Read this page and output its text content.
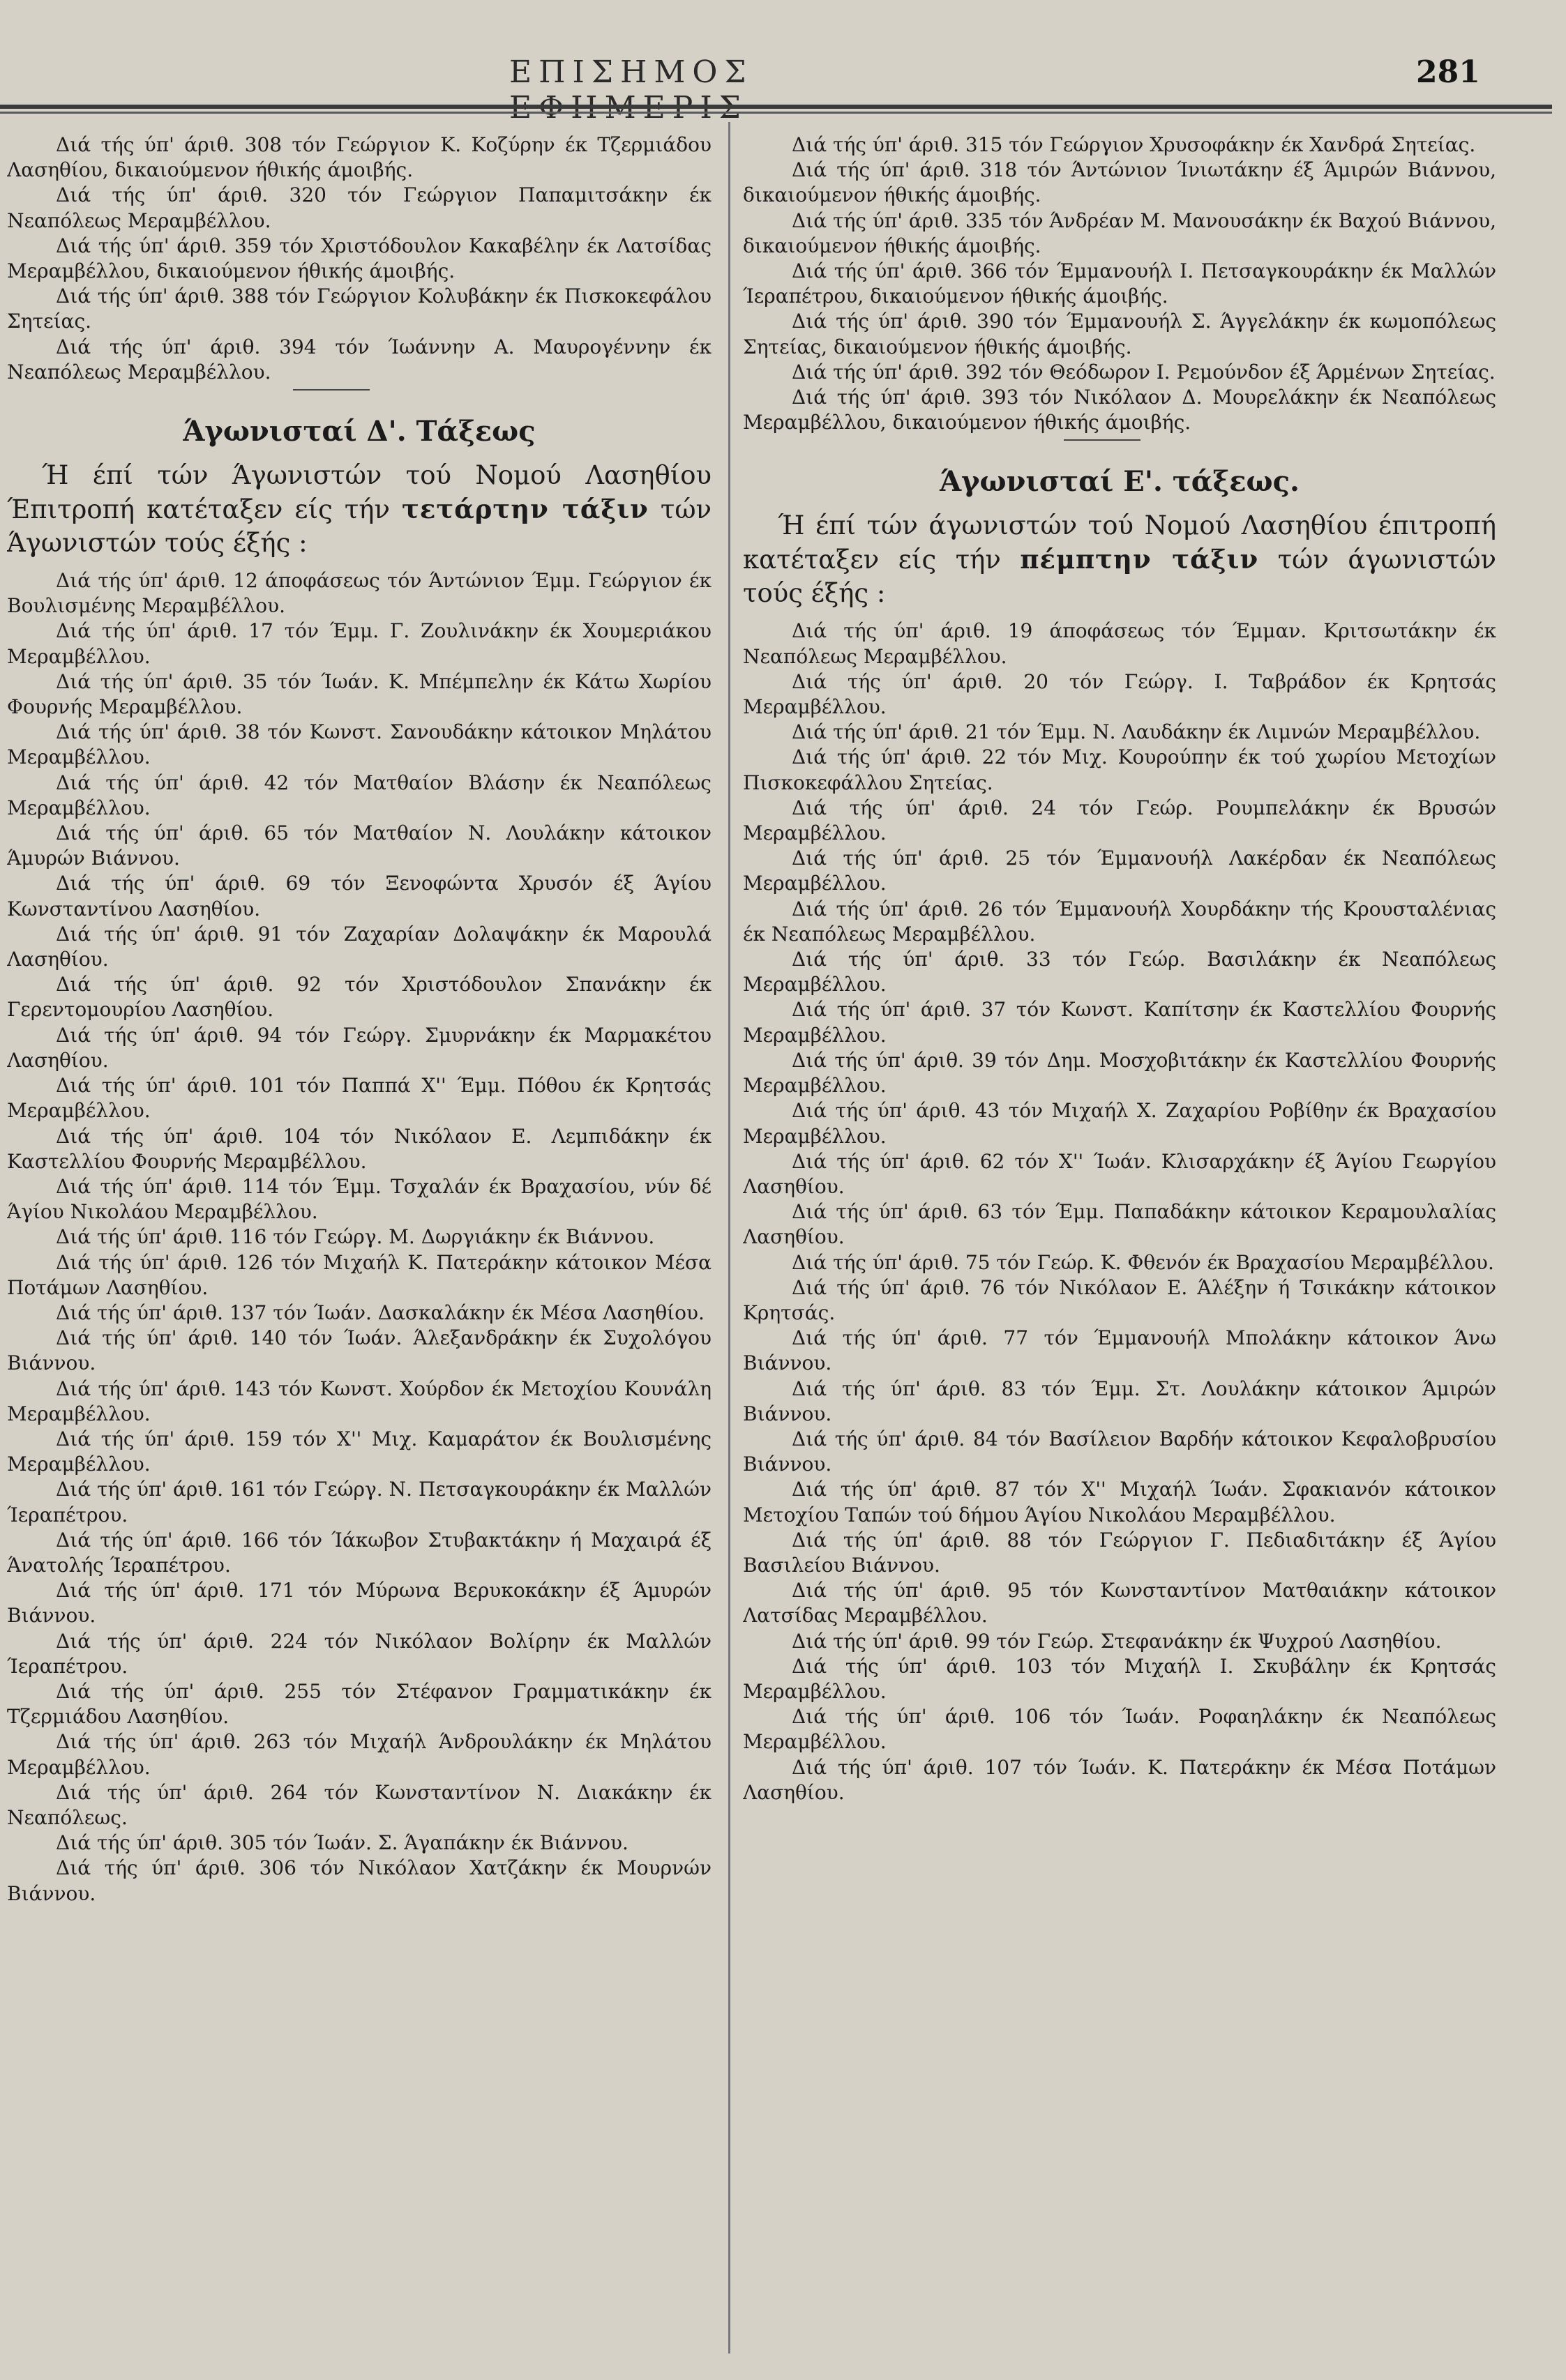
ΕΠΙΣΗΜΟΣ	281

Διά τής ύπ' άριθ. 308 τόν Γεώργιον Κ. Κοζύρην έκ Τζερμιάδου Λασηθίου, δικαιούμενον ήθικής άμοιβής.

Διά τής ύπ' άριθ. 320 τόν Γεώργιον Παπαμιτσάκην έκ Νεαπόλεως Μεραμβέλλου.

Διά τής ύπ' άριθ. 359 τόν Χριστόδουλον Κακαβέλην έκ Λατσίδας Μεραμβέλλου, δικαιούμενον ήθικής άμοιβής.

Διά τής ύπ' άριθ. 388 τόν Γεώργιον Κολυβάκην έκ Πισκοκεφάλου Σητείας.

Διά τής ύπ' άριθ. 394 τόν Ίωάννην Α. Μαυρογέννην έκ Νεαπόλεως Μεραμβέλλου.

Άγωνισταί Δ'. Τάξεως

Ή έπί τών Άγωνιστών τού Νομού Λασηθίου Έπιτροπή κατέταξεν είς τήν τετάρτην τάξιν τών Άγωνιστών τούς έξής :

Διά τής ύπ' άριθ. 12 άποφάσεως τόν Άντώνιον Έμμ. Γεώργιον έκ Βουλισμένης Μεραμβέλλου.

Διά τής ύπ' άριθ. 17 τόν Έμμ. Γ. Ζουλινάκην έκ Χουμεριάκου Μεραμβέλλου.

Διά τής ύπ' άριθ. 35 τόν Ίωάν. Κ. Μπέμπελην έκ Κάτω Χωρίου Φουρνής Μεραμβέλλου.

Διά τής ύπ' άριθ. 38 τόν Κωνστ. Σανουδάκην κάτοικον Μηλάτου Μεραμβέλλου.

Διά τής ύπ' άριθ. 42 τόν Ματθαίον Βλάσην έκ Νεαπόλεως Μεραμβέλλου.

Διά τής ύπ' άριθ. 65 τόν Ματθαίον Ν. Λουλάκην κάτοικον Άμυρών Βιάννου.

Διά τής ύπ' άριθ. 69 τόν Ξενοφώντα Χρυσόν έξ Άγίου Κωνσταντίνου Λασηθίου.

Διά τής ύπ' άριθ. 91 τόν Ζαχαρίαν Δολαψάκην έκ Μαρουλά Λασηθίου.

Διά τής ύπ' άριθ. 92 τόν Χριστόδουλον Σπανάκην έκ Γερεντομουρίου Λασηθίου.

Διά τής ύπ' άριθ. 94 τόν Γεώργ. Σμυρνάκην έκ Μαρμακέτου Λασηθίου.

Διά τής ύπ' άριθ. 101 τόν Παππά Χ'' Έμμ. Πόθου έκ Κρητσάς Μεραμβέλλου.

Διά τής ύπ' άριθ. 104 τόν Νικόλαον Ε. Λεμπιδάκην έκ Καστελλίου Φουρνής Μεραμβέλλου.

Διά τής ύπ' άριθ. 114 τόν Έμμ. Τσχαλάν έκ Βραχασίου, νύν δέ Άγίου Νικολάου Μεραμβέλλου.

Διά τής ύπ' άριθ. 116 τόν Γεώργ. Μ. Δωργιάκην έκ Βιάννου.

Διά τής ύπ' άριθ. 126 τόν Μιχαήλ Κ. Πατεράκην κάτοικον Μέσα Ποτάμων Λασηθίου.

Διά τής ύπ' άριθ. 137 τόν Ίωάν. Δασκαλάκην έκ Μέσα Λασηθίου.

Διά τής ύπ' άριθ. 140 τόν Ίωάν. Άλεξανδράκην έκ Συχολόγου Βιάννου.

Διά τής ύπ' άριθ. 143 τόν Κωνστ. Χούρδον έκ Μετοχίου Κουνάλη Μεραμβέλλου.

Διά τής ύπ' άριθ. 159 τόν Χ'' Μιχ. Καμαράτον έκ Βουλισμένης Μεραμβέλλου.

Διά τής ύπ' άριθ. 161 τόν Γεώργ. Ν. Πετσαγκουράκην έκ Μαλλών Ίεραπέτρου.

Διά τής ύπ' άριθ. 166 τόν Ίάκωβον Στυβακτάκην ή Μαχαιρά έξ Άνατολής Ίεραπέτρου.

Διά τής ύπ' άριθ. 171 τόν Μύρωνα Βερυκοκάκην έξ Άμυρών Βιάννου.

Διά τής ύπ' άριθ. 224 τόν Νικόλαον Βολίρην έκ Μαλλών Ίεραπέτρου.

Διά τής ύπ' άριθ. 255 τόν Στέφανον Γραμματικάκην έκ Τζερμιάδου Λασηθίου.

Διά τής ύπ' άριθ. 263 τόν Μιχαήλ Άνδρουλάκην έκ Μηλάτου Μεραμβέλλου.

Διά τής ύπ' άριθ. 264 τόν Κωνσταντίνον Ν. Διακάκην έκ Νεαπόλεως.

Διά τής ύπ' άριθ. 305 τόν Ίωάν. Σ. Άγαπάκην έκ Βιάννου.

Διά τής ύπ' άριθ. 306 τόν Νικόλαον Χατζάκην έκ Μουρνών Βιάννου.

Διά τής ύπ' άριθ. 315 τόν Γεώργιον Χρυσοφάκην έκ Χανδρά Σητείας.

Διά τής ύπ' άριθ. 318 τόν Άντώνιον Ίνιωτάκην έξ Άμιρών Βιάννου, δικαιούμενον ήθικής άμοιβής.

Διά τής ύπ' άριθ. 335 τόν Άνδρέαν Μ. Μανουσάκην έκ Βαχού Βιάννου, δικαιούμενον ήθικής άμοιβής.

Διά τής ύπ' άριθ. 366 τόν Έμμανουήλ Ι. Πετσαγκουράκην έκ Μαλλών Ίεραπέτρου, δικαιούμενον ήθικής άμοιβής.

Διά τής ύπ' άριθ. 390 τόν Έμμανουήλ Σ. Άγγελάκην έκ κωμοπόλεως Σητείας, δικαιούμενον ήθικής άμοιβής.

Διά τής ύπ' άριθ. 392 τόν Θεόδωρον Ι. Ρεμούνδον έξ Άρμένων Σητείας.

Διά τής ύπ' άριθ. 393 τόν Νικόλαον Δ. Μουρελάκην έκ Νεαπόλεως Μεραμβέλλου, δικαιούμενον ήθικής άμοιβής.

Άγωνισταί Ε'. τάξεως.

Ή έπί τών άγωνιστών τού Νομού Λασηθίου έπιτροπή κατέταξεν είς τήν πέμπτην τάξιν τών άγωνιστών τούς έξής :

Διά τής ύπ' άριθ. 19 άποφάσεως τόν Έμμαν. Κριτσωτάκην έκ Νεαπόλεως Μεραμβέλλου.

Διά τής ύπ' άριθ. 20 τόν Γεώργ. Ι. Ταβράδον έκ Κρητσάς Μεραμβέλλου.

Διά τής ύπ' άριθ. 21 τόν Έμμ. Ν. Λαυδάκην έκ Λιμνών Μεραμβέλλου.

Διά τής ύπ' άριθ. 22 τόν Μιχ. Κουρούπην έκ τού χωρίου Μετοχίων Πισκοκεφάλλου Σητείας.

Διά τής ύπ' άριθ. 24 τόν Γεώρ. Ρουμπελάκην έκ Βρυσών Μεραμβέλλου.

Διά τής ύπ' άριθ. 25 τόν Έμμανουήλ Λακέρδαν έκ Νεαπόλεως Μεραμβέλλου.

Διά τής ύπ' άριθ. 26 τόν Έμμανουήλ Χουρδάκην τής Κρουσταλένιας έκ Νεαπόλεως Μεραμβέλλου.

Διά τής ύπ' άριθ. 33 τόν Γεώρ. Βασιλάκην έκ Νεαπόλεως Μεραμβέλλου.

Διά τής ύπ' άριθ. 37 τόν Κωνστ. Καπίτσην έκ Καστελλίου Φουρνής Μεραμβέλλου.

Διά τής ύπ' άριθ. 39 τόν Δημ. Μοσχοβιτάκην έκ Καστελλίου Φουρνής Μεραμβέλλου.

Διά τής ύπ' άριθ. 43 τόν Μιχαήλ Χ. Ζαχαρίου Ροβίθην έκ Βραχασίου Μεραμβέλλου.

Διά τής ύπ' άριθ. 62 τόν Χ'' Ίωάν. Κλισαρχάκην έξ Άγίου Γεωργίου Λασηθίου.

Διά τής ύπ' άριθ. 63 τόν Έμμ. Παπαδάκην κάτοικον Κεραμουλαλίας Λασηθίου.

Διά τής ύπ' άριθ. 75 τόν Γεώρ. Κ. Φθενόν έκ Βραχασίου Μεραμβέλλου.

Διά τής ύπ' άριθ. 76 τόν Νικόλαον Ε. Άλέξην ή Τσικάκην κάτοικον Κρητσάς.

Διά τής ύπ' άριθ. 77 τόν Έμμανουήλ Μπολάκην κάτοικον Άνω Βιάννου.

Διά τής ύπ' άριθ. 83 τόν Έμμ. Στ. Λουλάκην κάτοικον Άμιρών Βιάννου.

Διά τής ύπ' άριθ. 84 τόν Βασίλειον Βαρδήν κάτοικον Κεφαλοβρυσίου Βιάννου.

Διά τής ύπ' άριθ. 87 τόν Χ'' Μιχαήλ Ίωάν. Σφακιανόν κάτοικον Μετοχίου Ταπών τού δήμου Άγίου Νικολάου Μεραμβέλλου.

Διά τής ύπ' άριθ. 88 τόν Γεώργιον Γ. Πεδιαδιτάκην έξ Άγίου Βασιλείου Βιάννου.

Διά τής ύπ' άριθ. 95 τόν Κωνσταντίνον Ματθαιάκην κάτοικον Λατσίδας Μεραμβέλλου.

Διά τής ύπ' άριθ. 99 τόν Γεώρ. Στεφανάκην έκ Ψυχρού Λασηθίου.

Διά τής ύπ' άριθ. 103 τόν Μιχαήλ Ι. Σκυβάλην έκ Κρητσάς Μεραμβέλλου.

Διά τής ύπ' άριθ. 106 τόν Ίωάν. Ροφαηλάκην έκ Νεαπόλεως Μεραμβέλλου.

Διά τής ύπ' άριθ. 107 τόν Ίωάν. Κ. Πατεράκην έκ Μέσα Ποτάμων Λασηθίου.
